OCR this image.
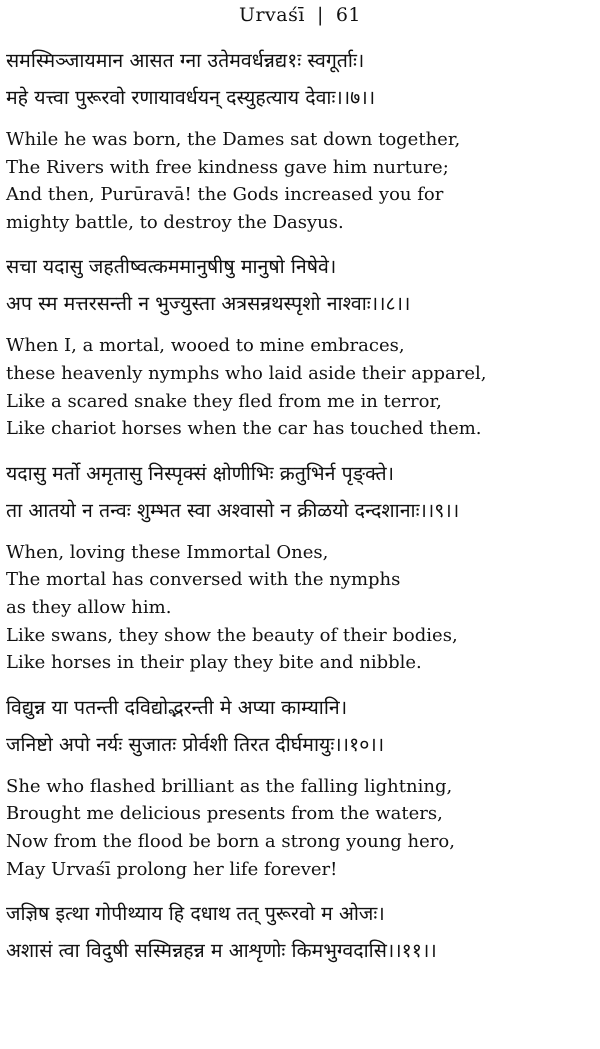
Urvaśī | 61

समस्मिञ्जायमान आसत ग्ना उतेमवर्धन्नद्य१ः स्वगूर्ताः।

महे यत्त्वा पुरूरवो रणायावर्धयन् दस्युहत्याय देवाः।।७।।

While he was born, the Dames sat down together,

The Rivers with free kindness gave him nurture;

And then, Purūravā! the Gods increased you for

mighty battle, to destroy the Dasyus.

सचा यदासु जहतीष्वत्कममानुषीषु मानुषो निषेवे।

अप स्म मत्तरसन्ती न भुज्युस्ता अत्रसन्रथस्पृशो नाश्वाः।।८।।

When I, a mortal, wooed to mine embraces,

these heavenly nymphs who laid aside their apparel,

Like a scared snake they fled from me in terror,

Like chariot horses when the car has touched them.

यदासु मर्तो अमृतासु निस्पृक्सं क्षोणीभिः क्रतुभिर्न पृङ्क्ते।

ता आतयो न तन्वः शुम्भत स्वा अश्वासो न क्रीळयो दन्दशानाः।।९।।

When, loving these Immortal Ones,

The mortal has conversed with the nymphs

as they allow him.

Like swans, they show the beauty of their bodies,

Like horses in their play they bite and nibble.

विद्युन्न या पतन्ती दविद्योद्भरन्ती मे अप्या काम्यानि।

जनिष्टो अपो नर्यः सुजातः प्रोर्वशी तिरत दीर्घमायुः।।१०।।

She who flashed brilliant as the falling lightning,

Brought me delicious presents from the waters,

Now from the flood be born a strong young hero,

May Urvaśī prolong her life forever!

जज्ञिष इत्था गोपीथ्याय हि दधाथ तत् पुरूरवो म ओजः।

अशासं त्वा विदुषी सस्मिन्नहन्न म आशृणोः किमभुग्वदासि।।११।।
